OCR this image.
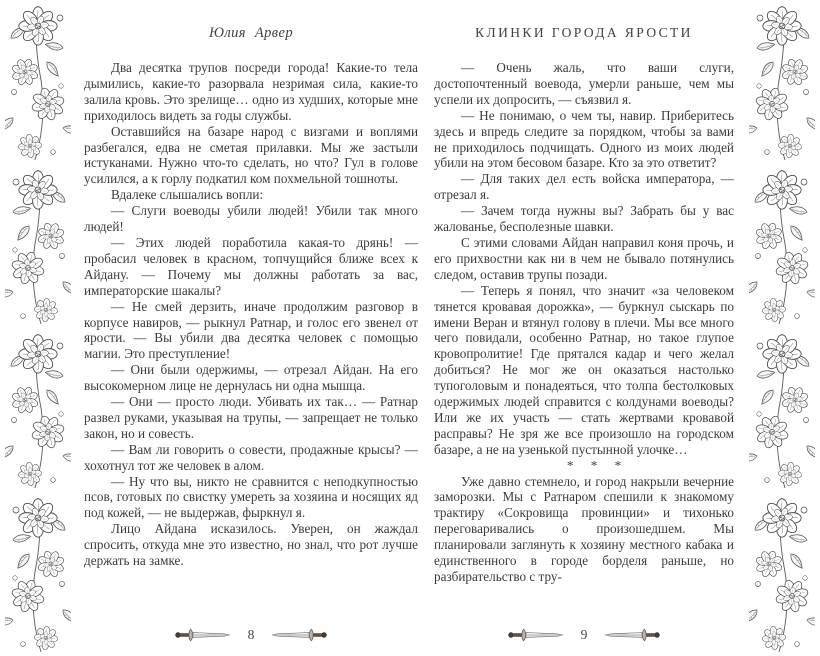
Юлия Арвер

Два десятка трупов посреди города! Какие-то тела дымились, какие-то разорвала незримая сила, какие-то залила кровь. Это зрелище… одно из худших, которые мне приходилось видеть за годы службы.

Оставшийся на базаре народ с визгами и воплями разбегался, едва не сметая прилавки. Мы же застыли истуканами. Нужно что-то сделать, но что? Гул в голове усилился, а к горлу подкатил ком похмельной тошноты.

Вдалеке слышались вопли:

— Слуги воеводы убили людей! Убили так много людей!

— Этих людей поработила какая-то дрянь! — пробасил человек в красном, топчущийся ближе всех к Айдану. — Почему мы должны работать за вас, императорские шакалы?

— Не смей дерзить, иначе продолжим разговор в корпусе навиров, — рыкнул Ратнар, и голос его звенел от ярости. — Вы убили два десятка человек с помощью магии. Это преступление!

— Они были одержимы, — отрезал Айдан. На его высокомерном лице не дернулась ни одна мышца.

— Они — просто люди. Убивать их так… — Ратнар развел руками, указывая на трупы, — запрещает не только закон, но и совесть.

— Вам ли говорить о совести, продажные крысы? — хохотнул тот же человек в алом.

— Ну что вы, никто не сравнится с неподкупностью псов, готовых по свистку умереть за хозяина и носящих яд под кожей, — не выдержав, фыркнул я.

Лицо Айдана исказилось. Уверен, он жаждал спросить, откуда мне это известно, но знал, что рот лучше держать на замке.

8
КЛИНКИ ГОРОДА ЯРОСТИ

— Очень жаль, что ваши слуги, достопочтенный воевода, умерли раньше, чем мы успели их допросить, — съязвил я.

— Не понимаю, о чем ты, навир. Приберитесь здесь и впредь следите за порядком, чтобы за вами не приходилось подчищать. Одного из моих людей убили на этом бесовом базаре. Кто за это ответит?

— Для таких дел есть войска императора, — отрезал я.

— Зачем тогда нужны вы? Забрать бы у вас жалованье, бесполезные шавки.

С этими словами Айдан направил коня прочь, и его прихвостни как ни в чем не бывало потянулись следом, оставив трупы позади.

— Теперь я понял, что значит «за человеком тянется кровавая дорожка», — буркнул сыскарь по имени Веран и втянул голову в плечи. Мы все много чего повидали, особенно Ратнар, но такое глупое кровопролитие! Где прятался кадар и чего желал добиться? Не мог же он оказаться настолько тупоголовым и понадеяться, что толпа бестолковых одержимых людей справится с колдунами воеводы? Или же их участь — стать жертвами кровавой расправы? Не зря же все произошло на городском базаре, а не на узенькой пустынной улочке…

* * *

Уже давно стемнело, и город накрыли вечерние заморозки. Мы с Ратнаром спешили к знакомому трактиру «Сокровища провинции» и тихонько переговаривались о произошедшем. Мы планировали заглянуть к хозяину местного кабака и единственного в городе борделя раньше, но разбирательство с тру-

9
